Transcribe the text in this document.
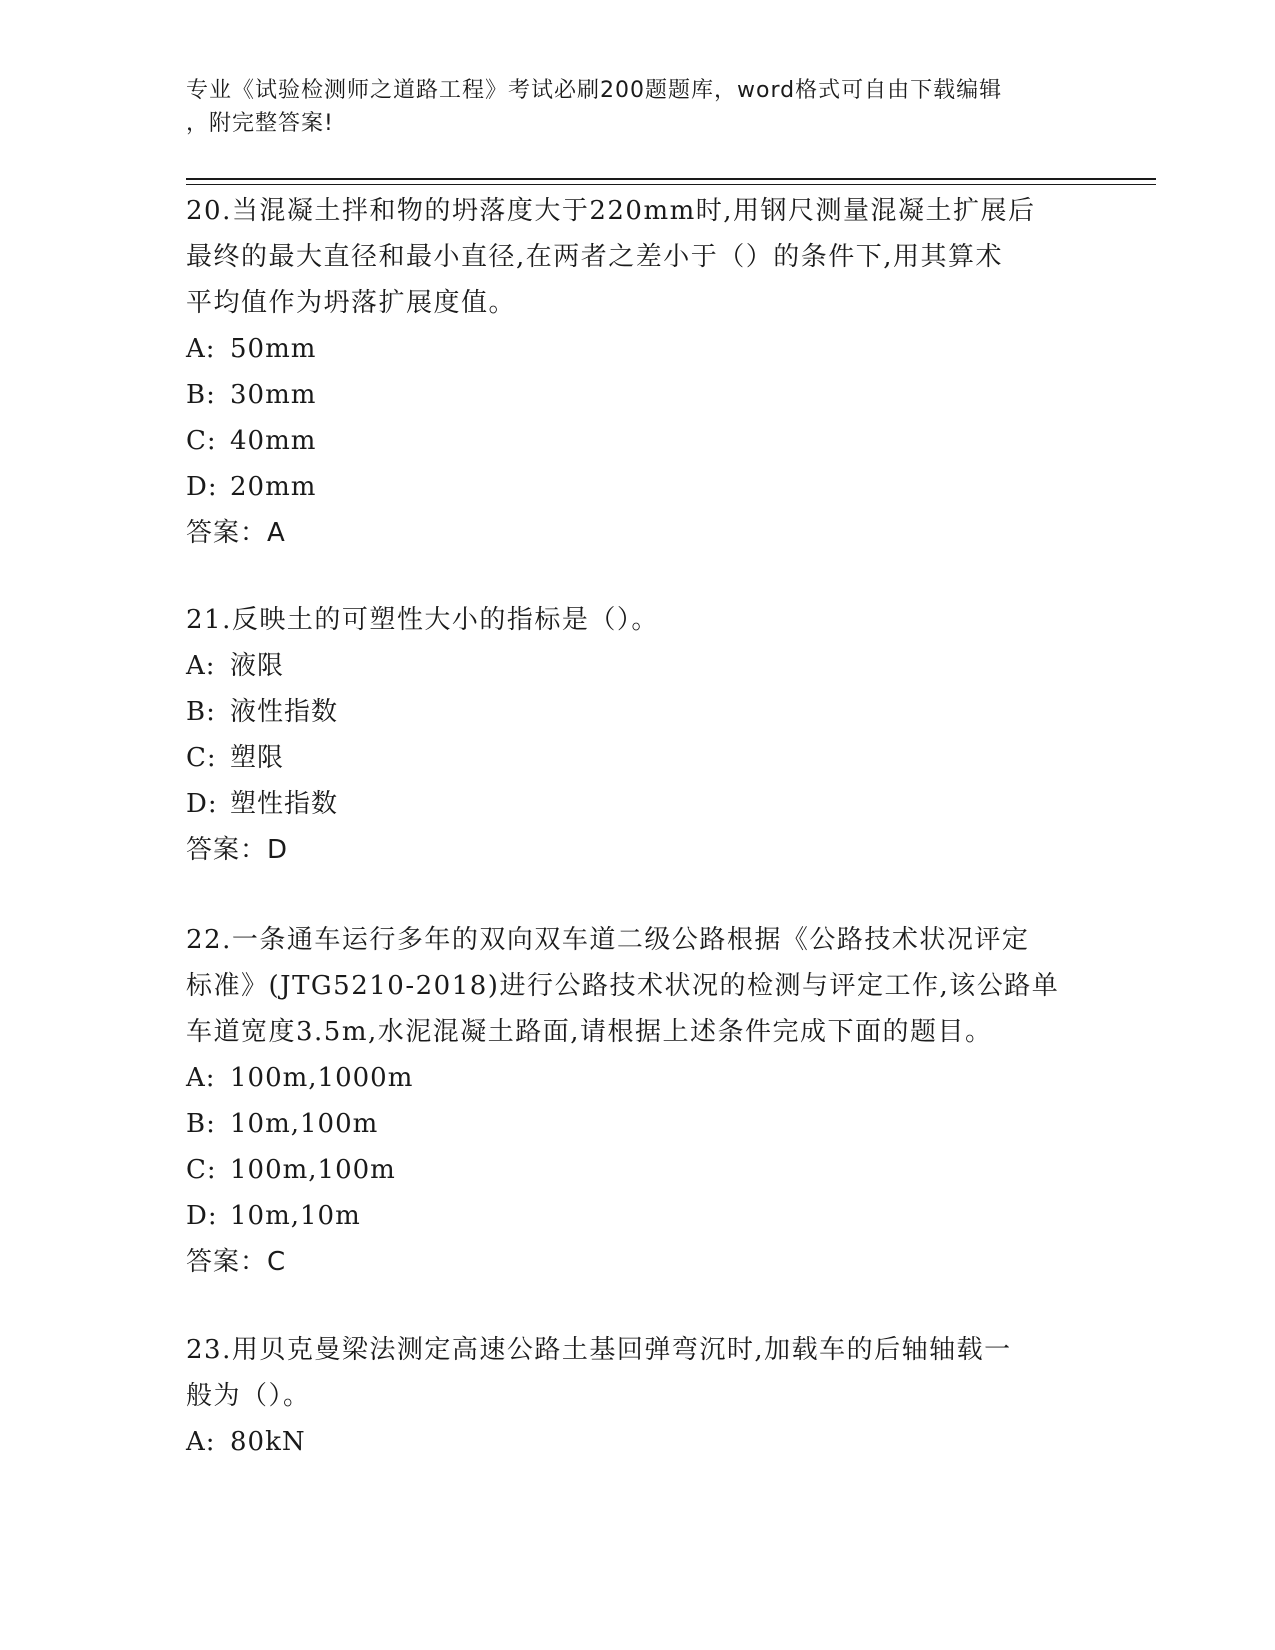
专业《试验检测师之道路工程》考试必刷200题题库，word格式可自由下载编辑
，附完整答案!

20.当混凝土拌和物的坍落度大于220mm时,用钢尺测量混凝土扩展后

最终的最大直径和最小直径,在两者之差小于（）的条件下,用其算术

平均值作为坍落扩展度值。

A: 50mm

B: 30mm

C: 40mm

D: 20mm

答案：A

21.反映土的可塑性大小的指标是（）。

A: 液限

B: 液性指数

C: 塑限

D: 塑性指数

答案：D

22.一条通车运行多年的双向双车道二级公路根据《公路技术状况评定

标准》(JTG5210-2018)进行公路技术状况的检测与评定工作,该公路单

车道宽度3.5m,水泥混凝土路面,请根据上述条件完成下面的题目。

A: 100m,1000m

B: 10m,100m

C: 100m,100m

D: 10m,10m

答案：C

23.用贝克曼梁法测定高速公路土基回弹弯沉时,加载车的后轴轴载一

般为（）。

A: 80kN
